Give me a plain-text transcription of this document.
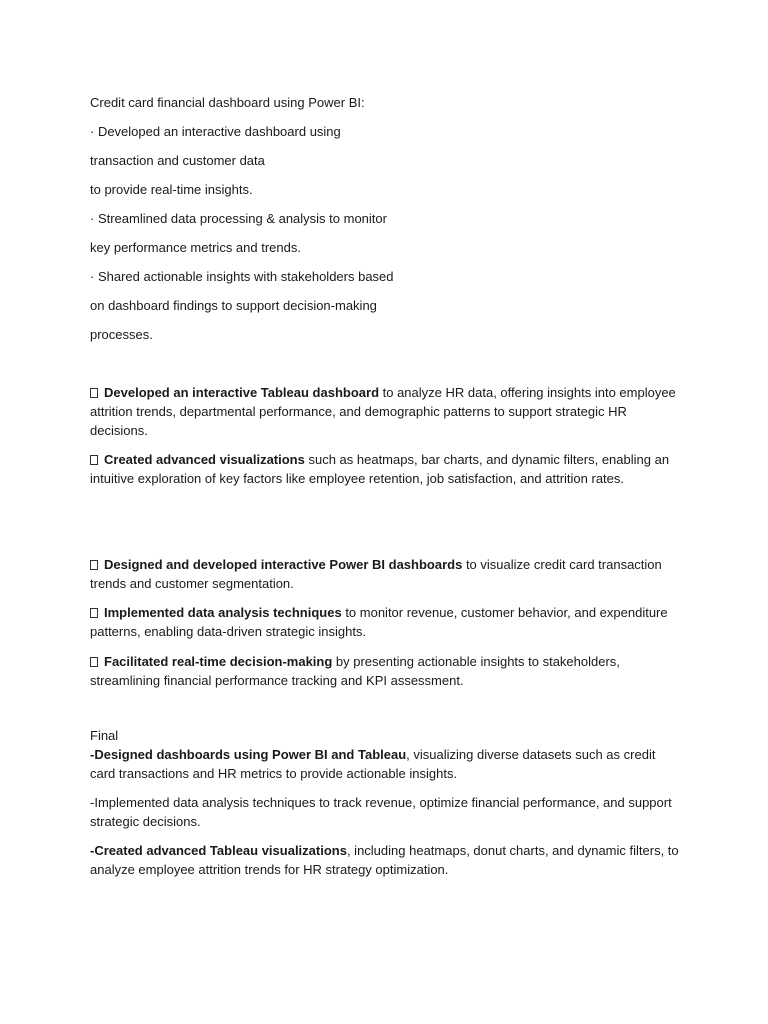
Credit card financial dashboard using Power BI:
· Developed an interactive dashboard using
transaction and customer data
to provide real-time insights.
· Streamlined data processing & analysis to monitor
key performance metrics and trends.
· Shared actionable insights with stakeholders based
on dashboard findings to support decision-making
processes.
Developed an interactive Tableau dashboard to analyze HR data, offering insights into employee attrition trends, departmental performance, and demographic patterns to support strategic HR decisions.
Created advanced visualizations such as heatmaps, bar charts, and dynamic filters, enabling an intuitive exploration of key factors like employee retention, job satisfaction, and attrition rates.
Designed and developed interactive Power BI dashboards to visualize credit card transaction trends and customer segmentation.
Implemented data analysis techniques to monitor revenue, customer behavior, and expenditure patterns, enabling data-driven strategic insights.
Facilitated real-time decision-making by presenting actionable insights to stakeholders, streamlining financial performance tracking and KPI assessment.
Final
-Designed dashboards using Power BI and Tableau, visualizing diverse datasets such as credit card transactions and HR metrics to provide actionable insights.
-Implemented data analysis techniques to track revenue, optimize financial performance, and support strategic decisions.
-Created advanced Tableau visualizations, including heatmaps, donut charts, and dynamic filters, to analyze employee attrition trends for HR strategy optimization.
